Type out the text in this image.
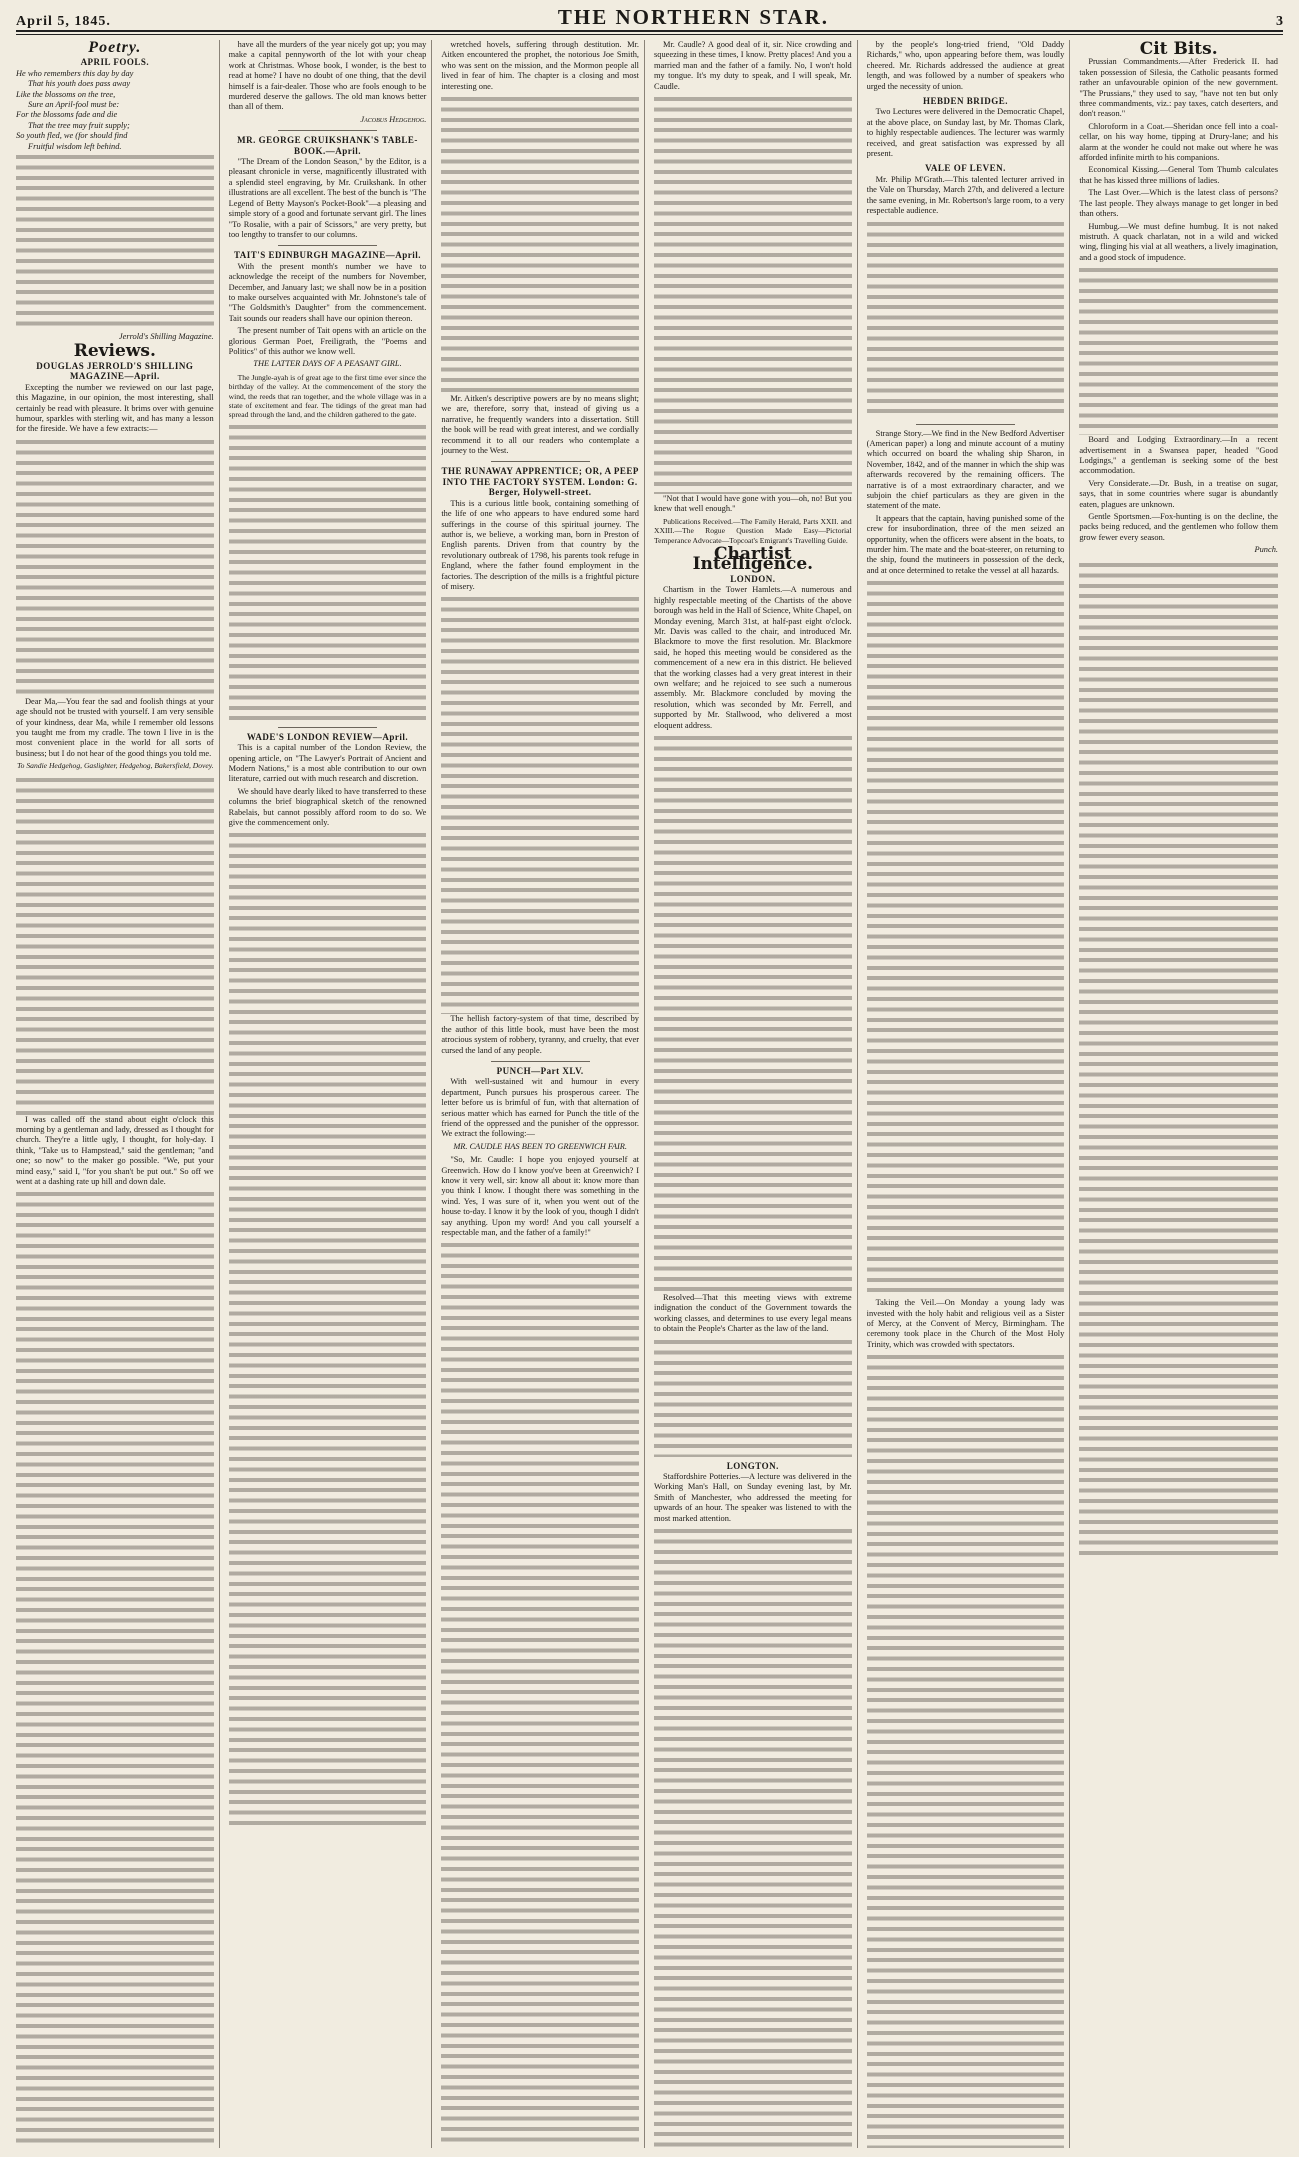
April 5, 1845.	THE NORTHERN STAR.	3
Poetry.
APRIL FOOLS.

He who remembers this day by day

That his youth does pass away

Like the blossoms on the tree,

Sure an April-fool must be:

For the blossoms fade and die

That the tree may fruit supply;

So youth fled, we (for should find

Fruitful wisdom left behind.

Jerrold's Shilling Magazine.
Reviews.
DOUGLAS JERROLD'S SHILLING MAGAZINE—April.

Excepting the number we reviewed on our last page, this Magazine, in our opinion, the most interesting, shall certainly be read with pleasure. It brims over with genuine humour, sparkles with sterling wit, and has many a lesson for the fireside. We have a few extracts:—

Dear Ma,—You fear the sad and foolish things at your age should not be trusted with yourself. I am very sensible of your kindness, dear Ma, while I remember old lessons you taught me from my cradle. The town I live in is the most convenient place in the world for all sorts of business; but I do not hear of the good things you told me.

To Sandie Hedgehog, Gaslighter, Hedgehog, Bakersfield, Dovey.

I was called off the stand about eight o'clock this morning by a gentleman and lady, dressed as I thought for church. They're a little ugly, I thought, for holy-day. I think, "Take us to Hampstead," said the gentleman; "and one; so now" to the maker go possible. "We, put your mind easy," said I, "for you shan't be put out." So off we went at a dashing rate up hill and down dale.

have all the murders of the year nicely got up; you may make a capital pennyworth of the lot with your cheap work at Christmas. Whose book, I wonder, is the best to read at home? I have no doubt of one thing, that the devil himself is a fair-dealer. Those who are fools enough to be murdered deserve the gallows. The old man knows better than all of them.

Jacobus Hedgehog.
MR. GEORGE CRUIKSHANK'S TABLE-BOOK.—April.

"The Dream of the London Season," by the Editor, is a pleasant chronicle in verse, magnificently illustrated with a splendid steel engraving, by Mr. Cruikshank. In other illustrations are all excellent. The best of the bunch is "The Legend of Betty Mayson's Pocket-Book"—a pleasing and simple story of a good and fortunate servant girl. The lines "To Rosalie, with a pair of Scissors," are very pretty, but too lengthy to transfer to our columns.

TAIT'S EDINBURGH MAGAZINE—April.

With the present month's number we have to acknowledge the receipt of the numbers for November, December, and January last; we shall now be in a position to make ourselves acquainted with Mr. Johnstone's tale of "The Goldsmith's Daughter" from the commencement. Tait sounds our readers shall have our opinion thereon.

The present number of Tait opens with an article on the glorious German Poet, Freiligrath, the "Poems and Politics" of this author we know well.

THE LATTER DAYS OF A PEASANT GIRL.

The Jungle-ayah is of great age to the first time ever since the birthday of the valley. At the commencement of the story the wind, the reeds that ran together, and the whole village was in a state of excitement and fear. The tidings of the great man had spread through the land, and the children gathered to the gate.

WADE'S LONDON REVIEW—April.

This is a capital number of the London Review, the opening article, on "The Lawyer's Portrait of Ancient and Modern Nations," is a most able contribution to our own literature, carried out with much research and discretion.

We should have dearly liked to have transferred to these columns the brief biographical sketch of the renowned Rabelais, but cannot possibly afford room to do so. We give the commencement only.

wretched hovels, suffering through destitution. Mr. Aitken encountered the prophet, the notorious Joe Smith, who was sent on the mission, and the Mormon people all lived in fear of him. The chapter is a closing and most interesting one.

Mr. Aitken's descriptive powers are by no means slight; we are, therefore, sorry that, instead of giving us a narrative, he frequently wanders into a dissertation. Still the book will be read with great interest, and we cordially recommend it to all our readers who contemplate a journey to the West.

THE RUNAWAY APPRENTICE; OR, A PEEP INTO THE FACTORY SYSTEM. London: G. Berger, Holywell-street.

This is a curious little book, containing something of the life of one who appears to have endured some hard sufferings in the course of this spiritual journey. The author is, we believe, a working man, born in Preston of English parents. Driven from that country by the revolutionary outbreak of 1798, his parents took refuge in England, where the father found employment in the factories. The description of the mills is a frightful picture of misery.

The hellish factory-system of that time, described by the author of this little book, must have been the most atrocious system of robbery, tyranny, and cruelty, that ever cursed the land of any people.

PUNCH—Part XLV.

With well-sustained wit and humour in every department, Punch pursues his prosperous career. The letter before us is brimful of fun, with that alternation of serious matter which has earned for Punch the title of the friend of the oppressed and the punisher of the oppressor. We extract the following:—

MR. CAUDLE HAS BEEN TO GREENWICH FAIR.

"So, Mr. Caudle: I hope you enjoyed yourself at Greenwich. How do I know you've been at Greenwich? I know it very well, sir: know all about it: know more than you think I know. I thought there was something in the wind. Yes, I was sure of it, when you went out of the house to-day. I know it by the look of you, though I didn't say anything. Upon my word! And you call yourself a respectable man, and the father of a family!"

Mr. Caudle? A good deal of it, sir. Nice crowding and squeezing in these times, I know. Pretty places! And you a married man and the father of a family. No, I won't hold my tongue. It's my duty to speak, and I will speak, Mr. Caudle.

"Not that I would have gone with you—oh, no! But you knew that well enough."

Publications Received.—The Family Herald, Parts XXII. and XXIII.—The Rogue Question Made Easy—Pictorial Temperance Advocate—Topcoat's Emigrant's Travelling Guide.

Chartist Intelligence.
LONDON.

Chartism in the Tower Hamlets.—A numerous and highly respectable meeting of the Chartists of the above borough was held in the Hall of Science, White Chapel, on Monday evening, March 31st, at half-past eight o'clock. Mr. Davis was called to the chair, and introduced Mr. Blackmore to move the first resolution. Mr. Blackmore said, he hoped this meeting would be considered as the commencement of a new era in this district. He believed that the working classes had a very great interest in their own welfare; and he rejoiced to see such a numerous assembly. Mr. Blackmore concluded by moving the resolution, which was seconded by Mr. Ferrell, and supported by Mr. Stallwood, who delivered a most eloquent address.

Resolved—That this meeting views with extreme indignation the conduct of the Government towards the working classes, and determines to use every legal means to obtain the People's Charter as the law of the land.

LONGTON.

Staffordshire Potteries.—A lecture was delivered in the Working Man's Hall, on Sunday evening last, by Mr. Smith of Manchester, who addressed the meeting for upwards of an hour. The speaker was listened to with the most marked attention.

by the people's long-tried friend, "Old Daddy Richards," who, upon appearing before them, was loudly cheered. Mr. Richards addressed the audience at great length, and was followed by a number of speakers who urged the necessity of union.

HEBDEN BRIDGE.

Two Lectures were delivered in the Democratic Chapel, at the above place, on Sunday last, by Mr. Thomas Clark, to highly respectable audiences. The lecturer was warmly received, and great satisfaction was expressed by all present.

VALE OF LEVEN.

Mr. Philip M'Grath.—This talented lecturer arrived in the Vale on Thursday, March 27th, and delivered a lecture the same evening, in Mr. Robertson's large room, to a very respectable audience.

Strange Story.—We find in the New Bedford Advertiser (American paper) a long and minute account of a mutiny which occurred on board the whaling ship Sharon, in November, 1842, and of the manner in which the ship was afterwards recovered by the remaining officers. The narrative is of a most extraordinary character, and we subjoin the chief particulars as they are given in the statement of the mate.

It appears that the captain, having punished some of the crew for insubordination, three of the men seized an opportunity, when the officers were absent in the boats, to murder him. The mate and the boat-steerer, on returning to the ship, found the mutineers in possession of the deck, and at once determined to retake the vessel at all hazards.

Taking the Veil.—On Monday a young lady was invested with the holy habit and religious veil as a Sister of Mercy, at the Convent of Mercy, Birmingham. The ceremony took place in the Church of the Most Holy Trinity, which was crowded with spectators.

Cit Bits.

Prussian Commandments.—After Frederick II. had taken possession of Silesia, the Catholic peasants formed rather an unfavourable opinion of the new government. "The Prussians," they used to say, "have not ten but only three commandments, viz.: pay taxes, catch deserters, and don't reason."

Chloroform in a Coat.—Sheridan once fell into a coal-cellar, on his way home, tipping at Drury-lane; and his alarm at the wonder he could not make out where he was afforded infinite mirth to his companions.

Economical Kissing.—General Tom Thumb calculates that he has kissed three millions of ladies.

The Last Over.—Which is the latest class of persons? The last people. They always manage to get longer in bed than others.

Humbug.—We must define humbug. It is not naked mistruth. A quack charlatan, not in a wild and wicked wing, flinging his vial at all weathers, a lively imagination, and a good stock of impudence.

Board and Lodging Extraordinary.—In a recent advertisement in a Swansea paper, headed "Good Lodgings," a gentleman is seeking some of the best accommodation.

Very Considerate.—Dr. Bush, in a treatise on sugar, says, that in some countries where sugar is abundantly eaten, plagues are unknown.

Gentle Sportsmen.—Fox-hunting is on the decline, the packs being reduced, and the gentlemen who follow them grow fewer every season.

Punch.
